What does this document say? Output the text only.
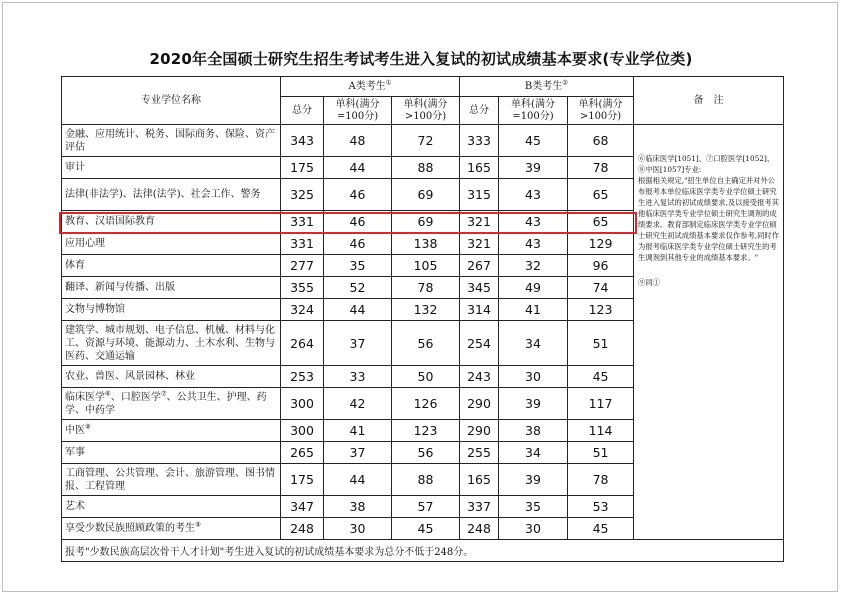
2020年全国硕士研究生招生考试考生进入复试的初试成绩基本要求(专业学位类)
专业学位名称	A类考生①			B类考生②			备　注
	总分	单科(满分=100分)	单科(满分>100分)	总分	单科(满分=100分)	单科(满分>100分)	
金融、应用统计、税务、国际商务、保险、资产评估	343	48	72	333	45	68	⑥临床医学[1051]、⑦口腔医学[1052]、
⑧中医[1057]专业:
根据相关规定,"招生单位自主确定并对外公布报考本单位临床医学类专业学位硕士研究生进入复试的初试成绩要求,及以接受报考其他临床医学类专业学位硕士研究生调剂的成绩要求。教育部制定临床医学类专业学位硕士研究生初试成绩基本要求仅作参考,同时作为报考临床医学类专业学位硕士研究生的考生调剂到其他专业的成绩基本要求。"
⑨同①

审计	175	44	88	165	39	78	
法律(非法学)、法律(法学)、社会工作、警务	325	46	69	315	43	65	
教育、汉语国际教育	331	46	69	321	43	65	
应用心理	331	46	138	321	43	129	
体育	277	35	105	267	32	96	
翻译、新闻与传播、出版	355	52	78	345	49	74	
文物与博物馆	324	44	132	314	41	123	
建筑学、城市规划、电子信息、机械、材料与化工、资源与环境、能源动力、土木水利、生物与医药、交通运输	264	37	56	254	34	51	
农业、兽医、风景园林、林业	253	33	50	243	30	45	
临床医学⑥、口腔医学⑦、公共卫生、护理、药学、中药学	300	42	126	290	39	117	
中医⑧	300	41	123	290	38	114	
军事	265	37	56	255	34	51	
工商管理、公共管理、会计、旅游管理、图书情报、工程管理	175	44	88	165	39	78	
艺术	347	38	57	337	35	53	
享受少数民族照顾政策的考生⑨	248	30	45	248	30	45	
报考"少数民族高层次骨干人才计划"考生进入复试的初试成绩基本要求为总分不低于248分。							
